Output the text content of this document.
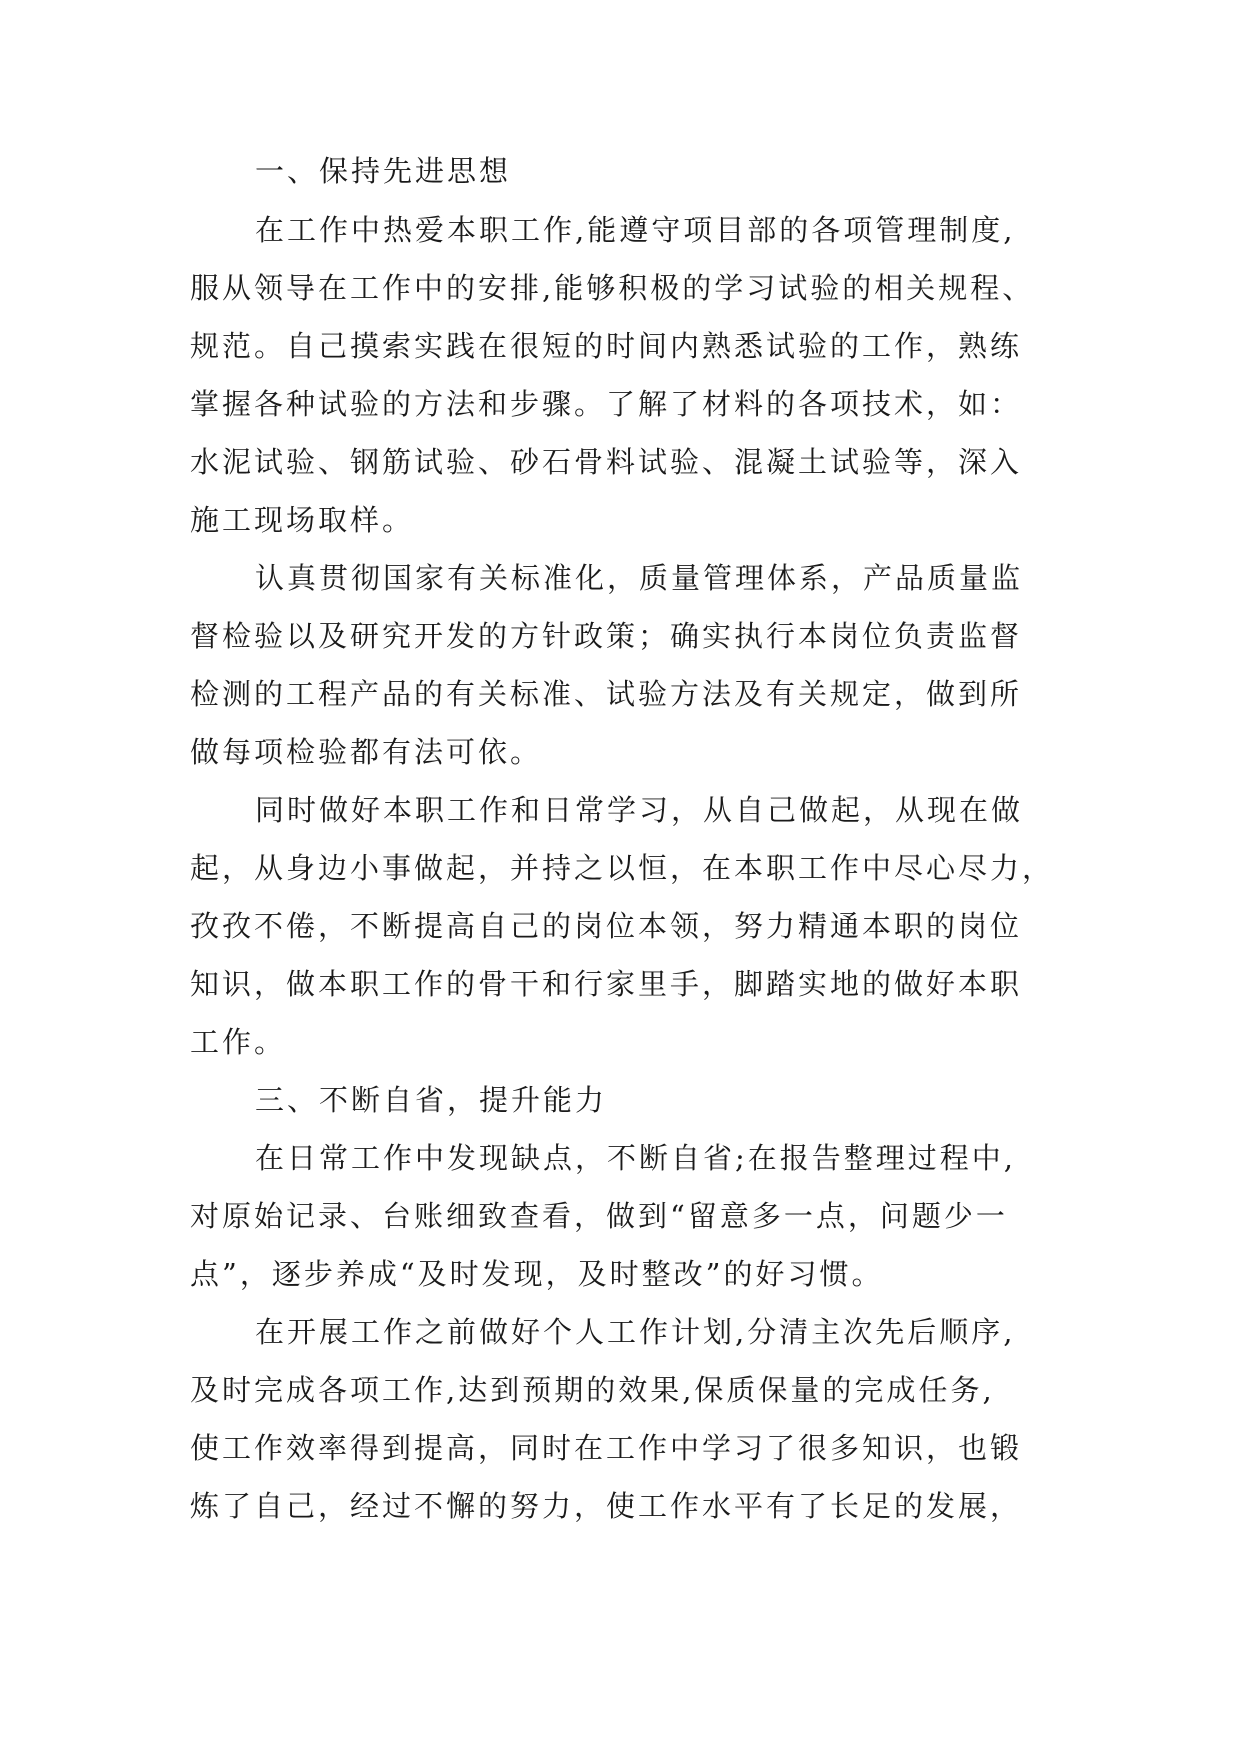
一、保持先进思想
在工作中热爱本职工作,能遵守项目部的各项管理制度,
服从领导在工作中的安排,能够积极的学习试验的相关规程、
规范。自己摸索实践在很短的时间内熟悉试验的工作，熟练
掌握各种试验的方法和步骤。了解了材料的各项技术，如：
水泥试验、钢筋试验、砂石骨料试验、混凝土试验等，深入
施工现场取样。
认真贯彻国家有关标准化，质量管理体系，产品质量监
督检验以及研究开发的方针政策；确实执行本岗位负责监督
检测的工程产品的有关标准、试验方法及有关规定，做到所
做每项检验都有法可依。
同时做好本职工作和日常学习，从自己做起，从现在做
起，从身边小事做起，并持之以恒，在本职工作中尽心尽力，
孜孜不倦，不断提高自己的岗位本领，努力精通本职的岗位
知识，做本职工作的骨干和行家里手，脚踏实地的做好本职
工作。
三、不断自省，提升能力
在日常工作中发现缺点，不断自省;在报告整理过程中,
对原始记录、台账细致查看，做到“留意多一点，问题少一
点”，逐步养成“及时发现，及时整改”的好习惯。
在开展工作之前做好个人工作计划,分清主次先后顺序,
及时完成各项工作,达到预期的效果,保质保量的完成任务,
使工作效率得到提高，同时在工作中学习了很多知识，也锻
炼了自己，经过不懈的努力，使工作水平有了长足的发展，
